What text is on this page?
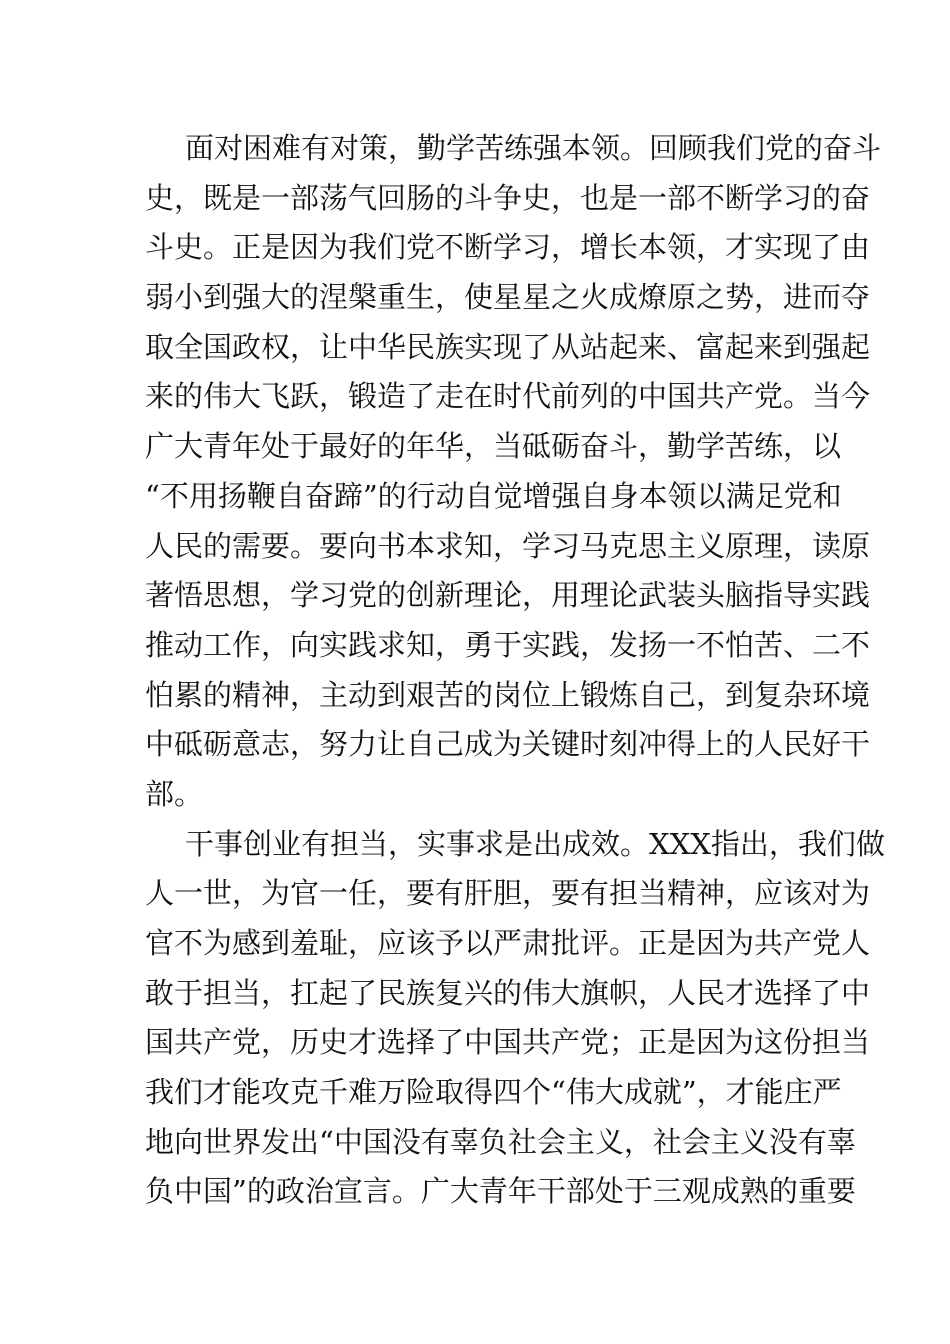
面对困难有对策，勤学苦练强本领。回顾我们党的奋斗
史，既是一部荡气回肠的斗争史，也是一部不断学习的奋
斗史。正是因为我们党不断学习，增长本领，才实现了由
弱小到强大的涅槃重生，使星星之火成燎原之势，进而夺
取全国政权，让中华民族实现了从站起来、富起来到强起
来的伟大飞跃，锻造了走在时代前列的中国共产党。当今
广大青年处于最好的年华，当砥砺奋斗，勤学苦练，以
“不用扬鞭自奋蹄”的行动自觉增强自身本领以满足党和
人民的需要。要向书本求知，学习马克思主义原理，读原
著悟思想，学习党的创新理论，用理论武装头脑指导实践
推动工作，向实践求知，勇于实践，发扬一不怕苦、二不
怕累的精神，主动到艰苦的岗位上锻炼自己，到复杂环境
中砥砺意志，努力让自己成为关键时刻冲得上的人民好干
部。
干事创业有担当，实事求是出成效。XXX指出，我们做
人一世，为官一任，要有肝胆，要有担当精神，应该对为
官不为感到羞耻，应该予以严肃批评。正是因为共产党人
敢于担当，扛起了民族复兴的伟大旗帜，人民才选择了中
国共产党，历史才选择了中国共产党；正是因为这份担当
我们才能攻克千难万险取得四个“伟大成就”，才能庄严
地向世界发出“中国没有辜负社会主义，社会主义没有辜
负中国”的政治宣言。广大青年干部处于三观成熟的重要
